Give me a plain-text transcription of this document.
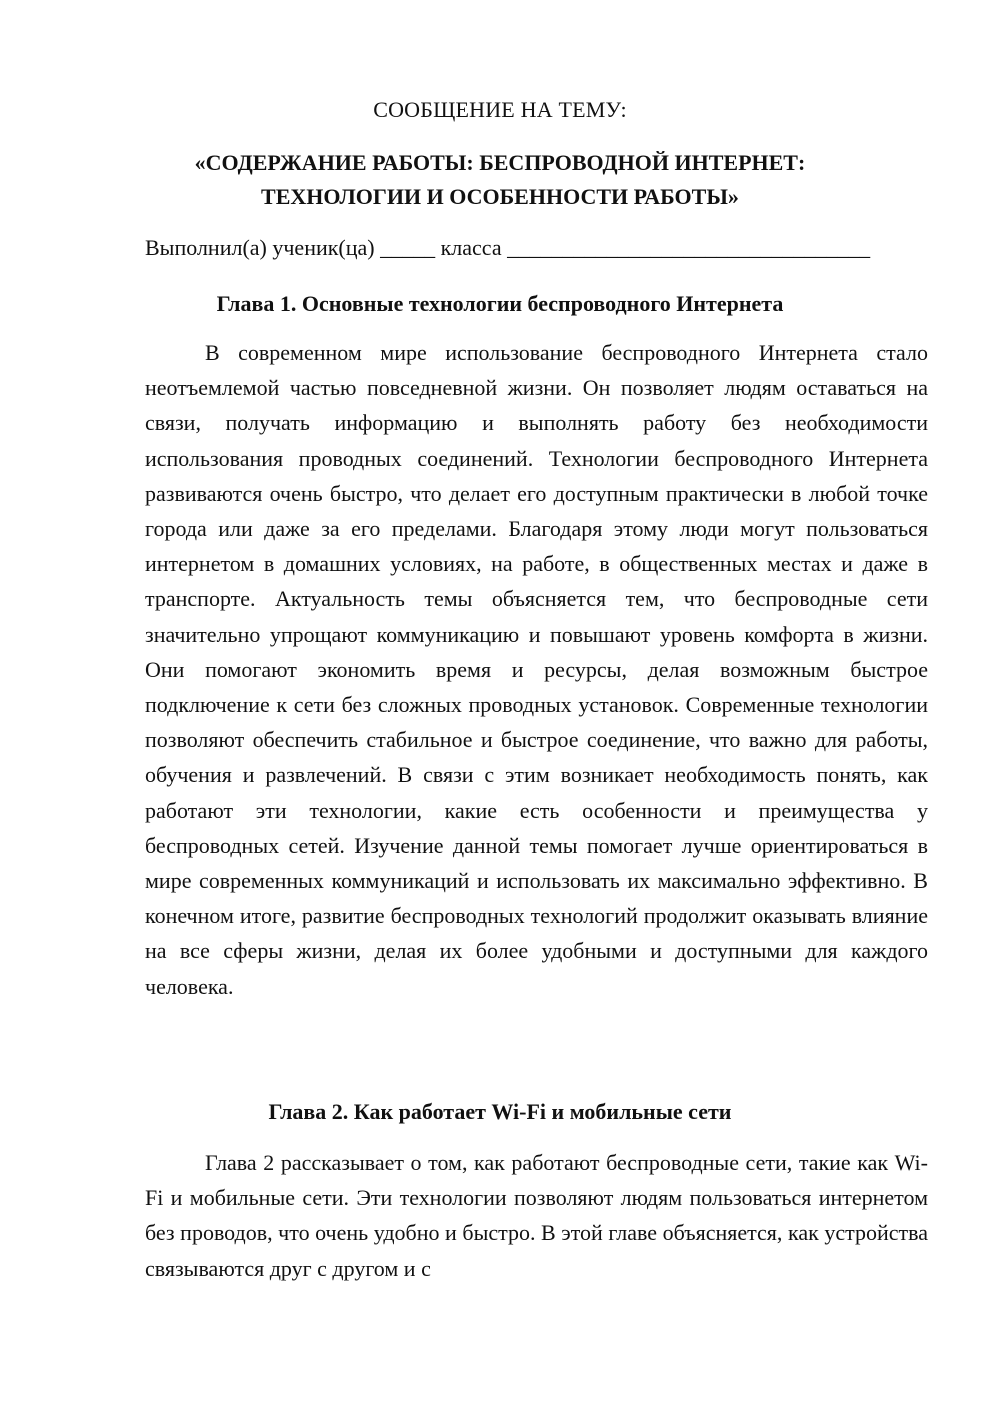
СООБЩЕНИЕ НА ТЕМУ:
«СОДЕРЖАНИЕ РАБОТЫ: БЕСПРОВОДНОЙ ИНТЕРНЕТ:
ТЕХНОЛОГИИ И ОСОБЕННОСТИ РАБОТЫ»
Выполнил(а) ученик(ца) _____ класса _________________________________
Глава 1. Основные технологии беспроводного Интернета

В современном мире использование беспроводного Интернета стало неотъемлемой частью повседневной жизни. Он позволяет людям оставаться на связи, получать информацию и выполнять работу без необходимости использования проводных соединений. Технологии беспроводного Интернета развиваются очень быстро, что делает его доступным практически в любой точке города или даже за его пределами. Благодаря этому люди могут пользоваться интернетом в домашних условиях, на работе, в общественных местах и даже в транспорте. Актуальность темы объясняется тем, что беспроводные сети значительно упрощают коммуникацию и повышают уровень комфорта в жизни. Они помогают экономить время и ресурсы, делая возможным быстрое подключение к сети без сложных проводных установок. Современные технологии позволяют обеспечить стабильное и быстрое соединение, что важно для работы, обучения и развлечений. В связи с этим возникает необходимость понять, как работают эти технологии, какие есть особенности и преимущества у беспроводных сетей. Изучение данной темы помогает лучше ориентироваться в мире современных коммуникаций и использовать их максимально эффективно. В конечном итоге, развитие беспроводных технологий продолжит оказывать влияние на все сферы жизни, делая их более удобными и доступными для каждого человека.

Глава 2. Как работает Wi-Fi и мобильные сети

Глава 2 рассказывает о том, как работают беспроводные сети, такие как Wi-Fi и мобильные сети. Эти технологии позволяют людям пользоваться интернетом без проводов, что очень удобно и быстро. В этой главе объясняется, как устройства связываются друг с другом и с
